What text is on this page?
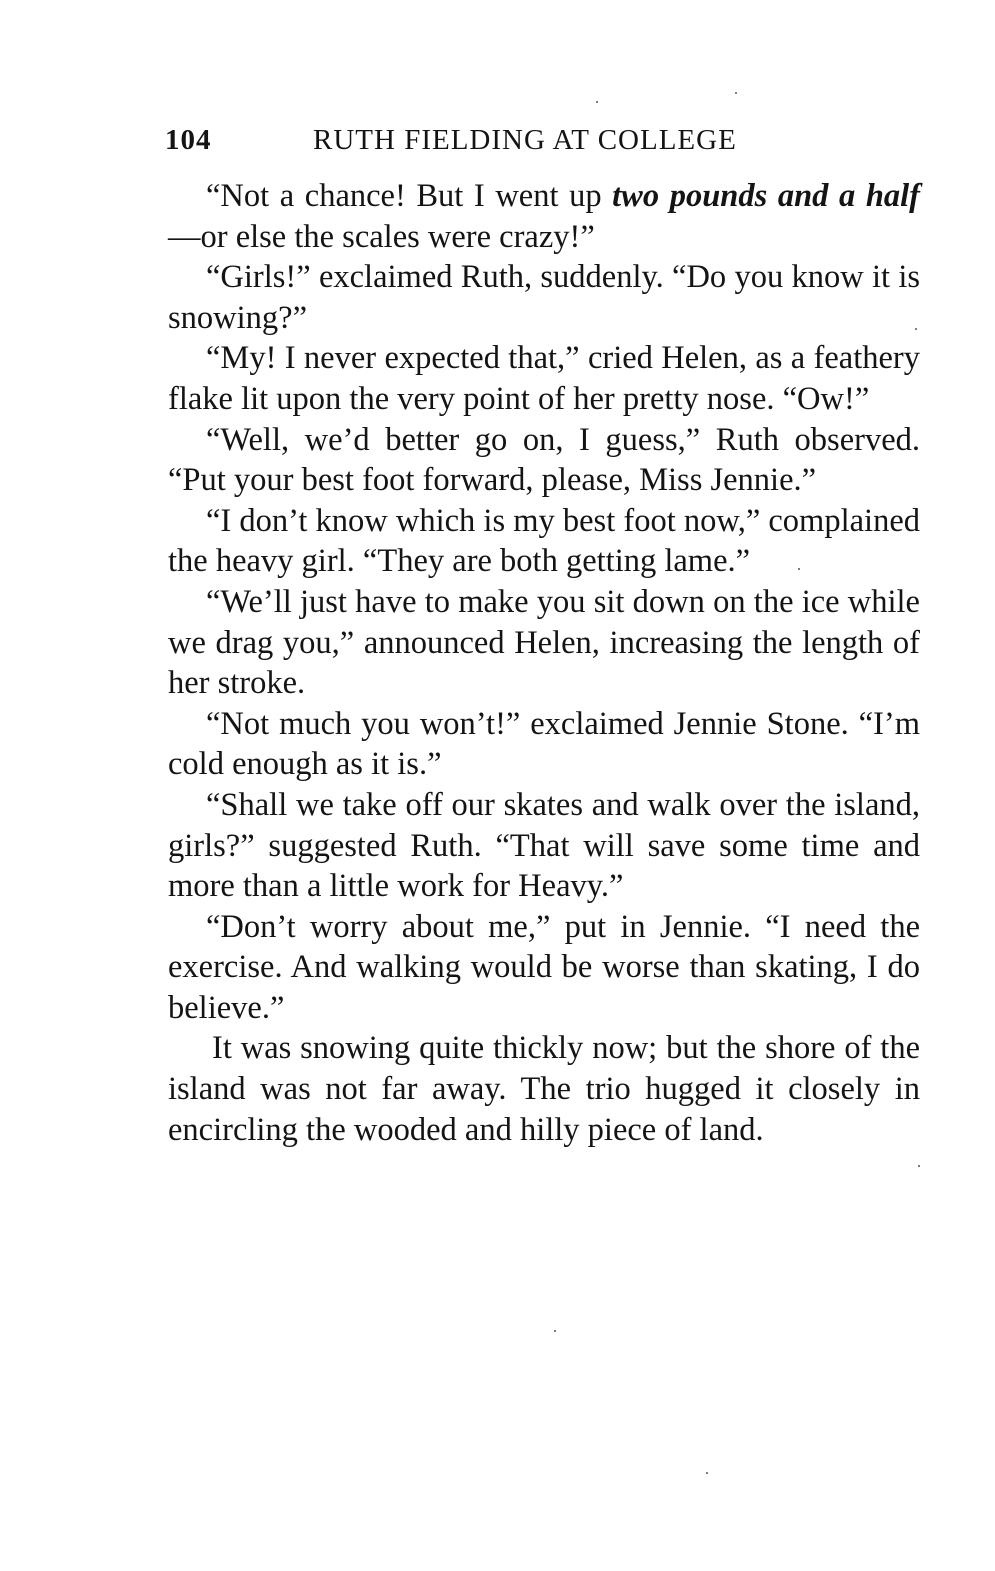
104	RUTH FIELDING AT COLLEGE

“Not a chance! But I went up two pounds and a half—or else the scales were crazy!”

“Girls!” exclaimed Ruth, suddenly. “Do you know it is snowing?”

“My! I never expected that,” cried Helen, as a feathery flake lit upon the very point of her pretty nose. “Ow!”

“Well, we’d better go on, I guess,” Ruth observed. “Put your best foot forward, please, Miss Jennie.”

“I don’t know which is my best foot now,” complained the heavy girl. “They are both getting lame.”

“We’ll just have to make you sit down on the ice while we drag you,” announced Helen, increasing the length of her stroke.

“Not much you won’t!” exclaimed Jennie Stone. “I’m cold enough as it is.”

“Shall we take off our skates and walk over the island, girls?” suggested Ruth. “That will save some time and more than a little work for Heavy.”

“Don’t worry about me,” put in Jennie. “I need the exercise. And walking would be worse than skating, I do believe.”

It was snowing quite thickly now; but the shore of the island was not far away. The trio hugged it closely in encircling the wooded and hilly piece of land.
